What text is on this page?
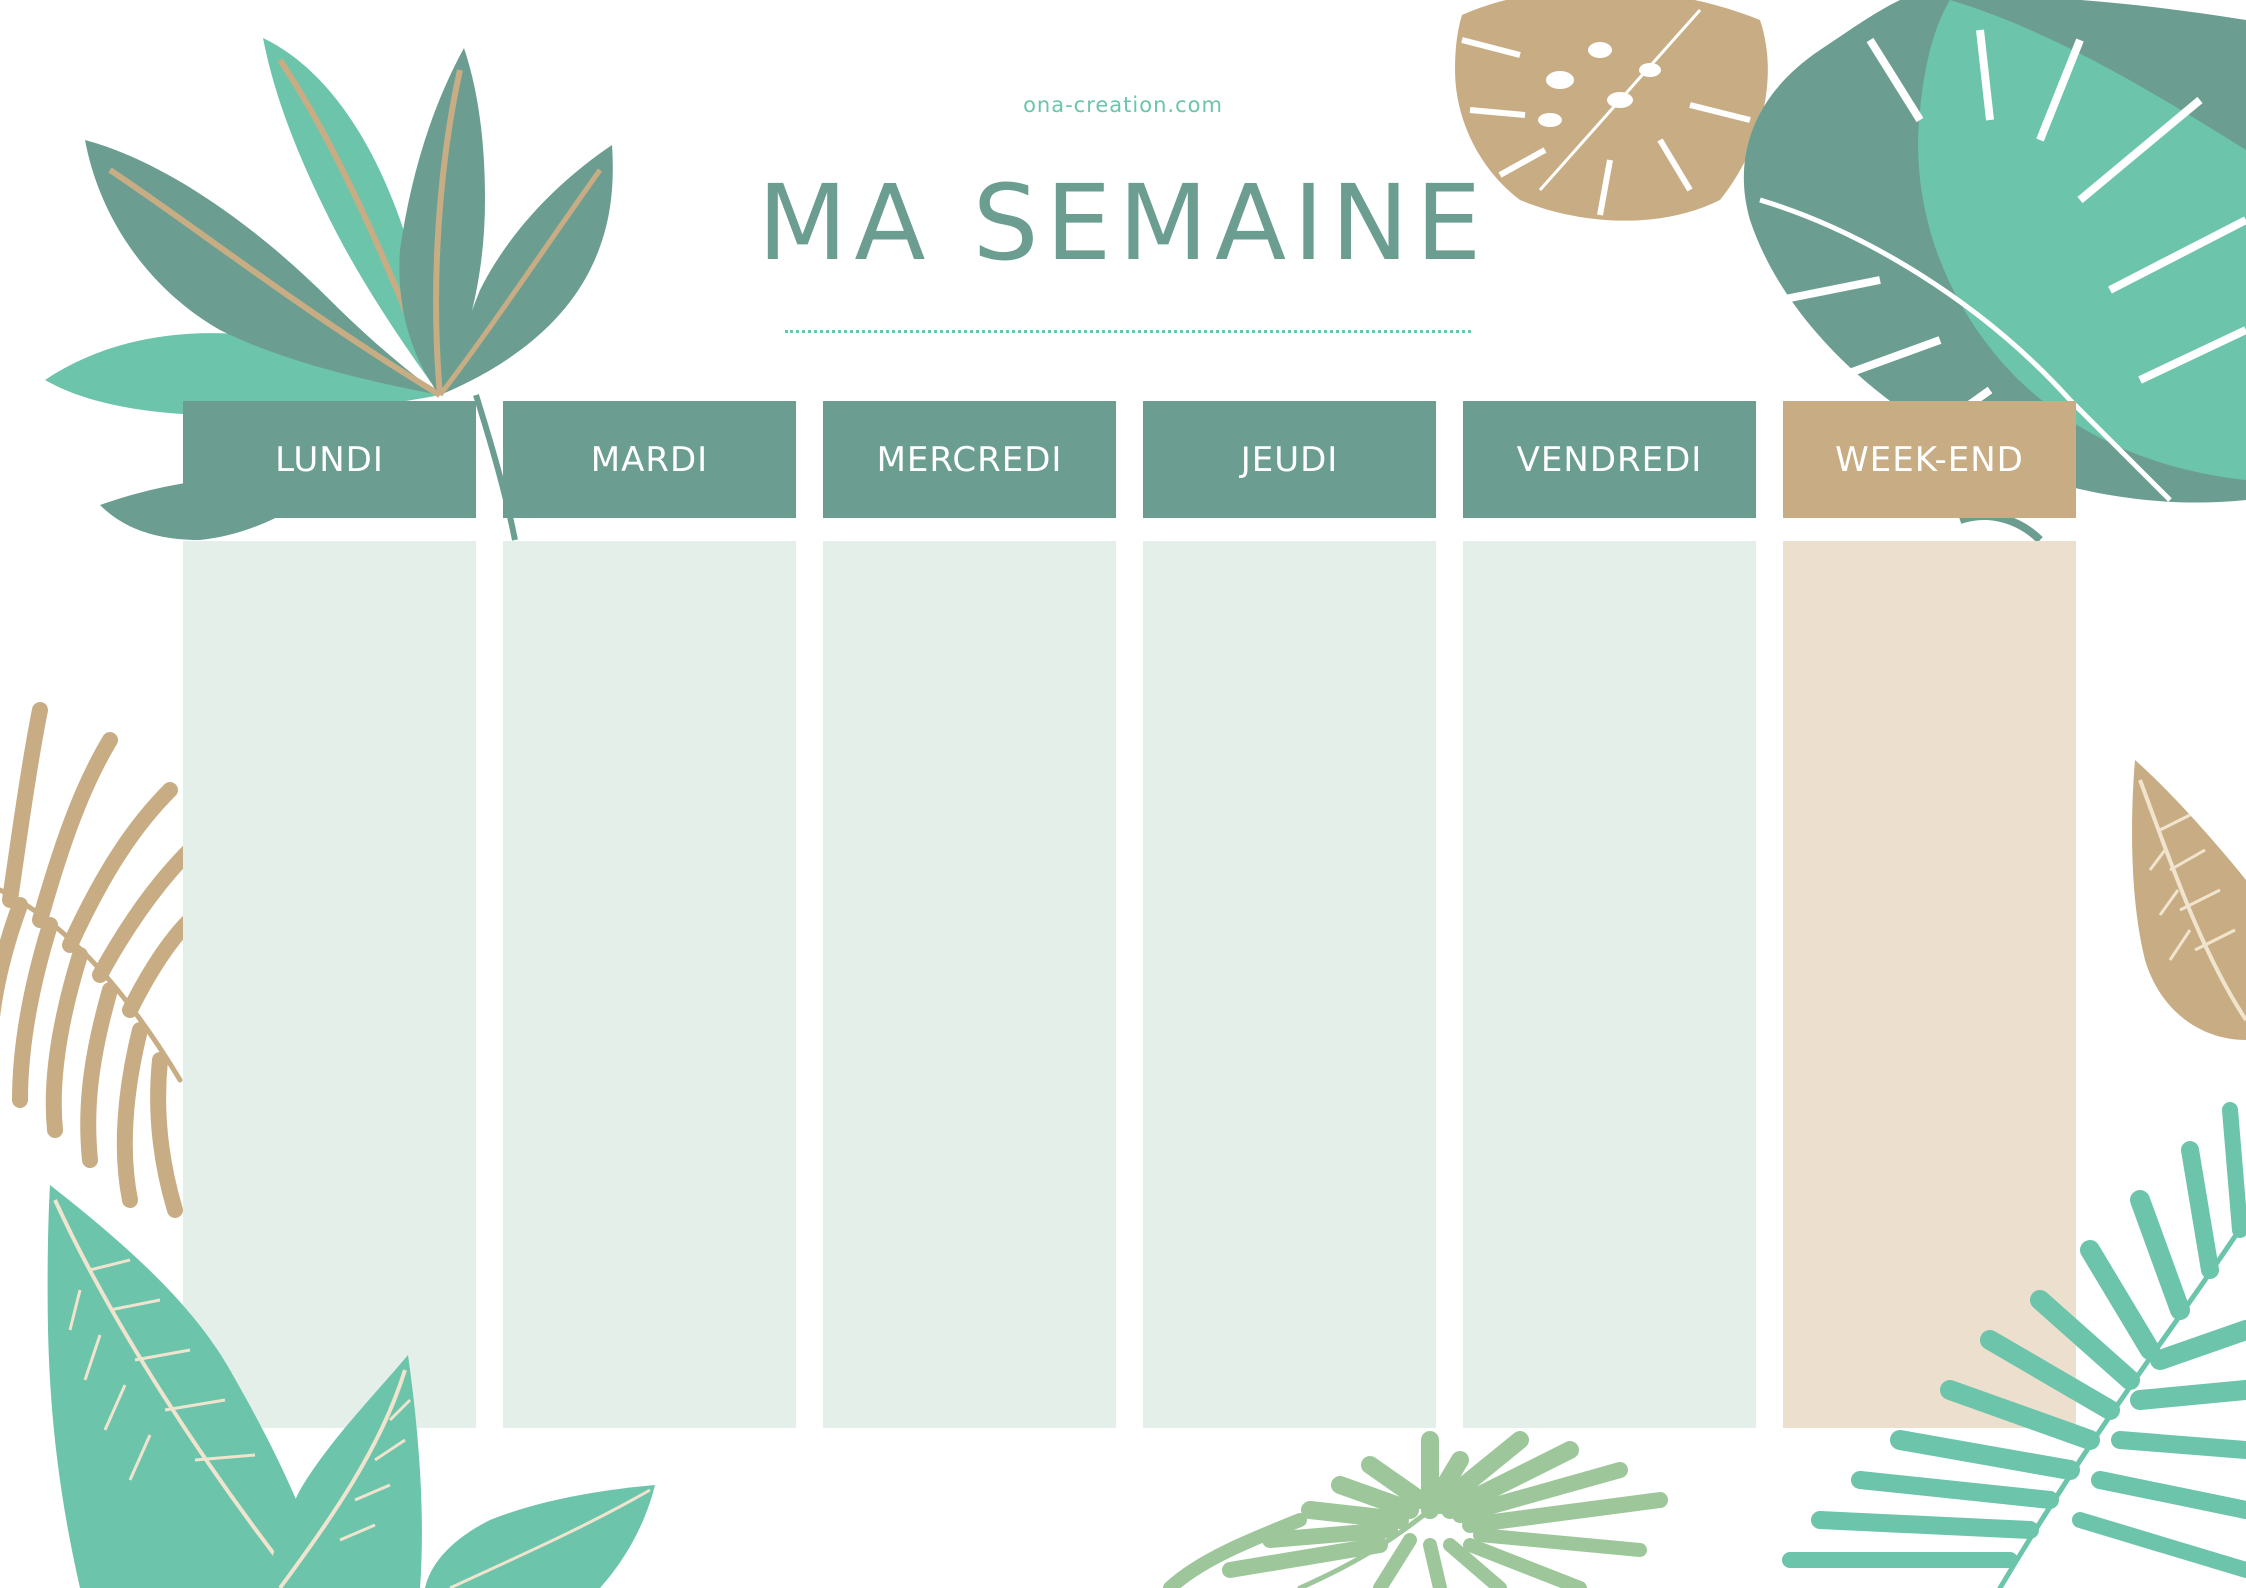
ona-creation.com
MA SEMAINE
LUNDI	MARDI	MERCREDI	JEUDI	VENDREDI	WEEK-END
